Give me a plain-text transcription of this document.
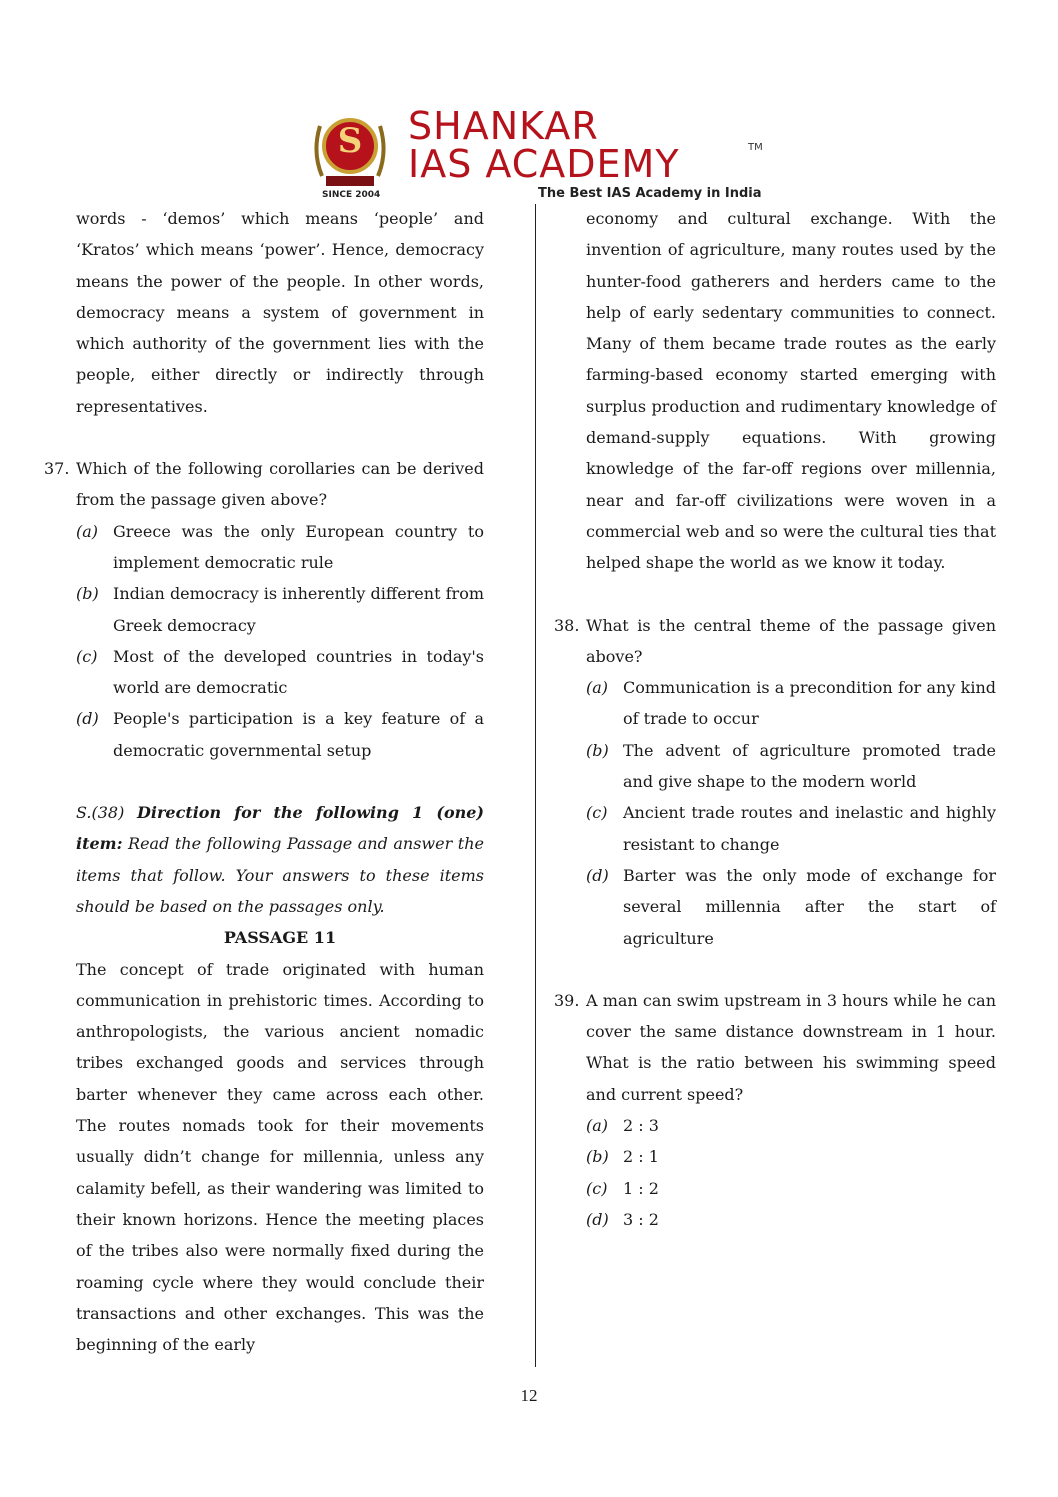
SINCE 2004
S SHANKAR
IAS ACADEMY	TM
The Best IAS Academy in India

words - ‘demos’ which means ‘people’ and ‘Kratos’ which means ‘power’. Hence, democracy means the power of the people. In other words, democracy means a system of government in which authority of the government lies with the people, either directly or indirectly through representatives.

37. Which of the following corollaries can be derived from the passage given above?
(a) Greece was the only European country to implement democratic rule
(b) Indian democracy is inherently different from Greek democracy
(c) Most of the developed countries in today's world are democratic
(d) People's participation is a key feature of a democratic governmental setup

S.(38) Direction for the following 1 (one) item: Read the following Passage and answer the items that follow. Your answers to these items should be based on the passages only.

PASSAGE 11

The concept of trade originated with human communication in prehistoric times. According to anthropologists, the various ancient nomadic tribes exchanged goods and services through barter whenever they came across each other. The routes nomads took for their movements usually didn’t change for millennia, unless any calamity befell, as their wandering was limited to their known horizons. Hence the meeting places of the tribes also were normally fixed during the roaming cycle where they would conclude their transactions and other exchanges. This was the beginning of the early

economy and cultural exchange. With the invention of agriculture, many routes used by the hunter-food gatherers and herders came to the help of early sedentary communities to connect. Many of them became trade routes as the early farming-based economy started emerging with surplus production and rudimentary knowledge of demand-supply equations. With growing knowledge of the far-off regions over millennia, near and far-off civilizations were woven in a commercial web and so were the cultural ties that helped shape the world as we know it today.

38. What is the central theme of the passage given above?
(a) Communication is a precondition for any kind of trade to occur
(b) The advent of agriculture promoted trade and give shape to the modern world
(c) Ancient trade routes and inelastic and highly resistant to change
(d) Barter was the only mode of exchange for several millennia after the start of agriculture
39. A man can swim upstream in 3 hours while he can cover the same distance downstream in 1 hour. What is the ratio between his swimming speed and current speed?
(a) 2 : 3
(b) 2 : 1
(c) 1 : 2
(d) 3 : 2
12
